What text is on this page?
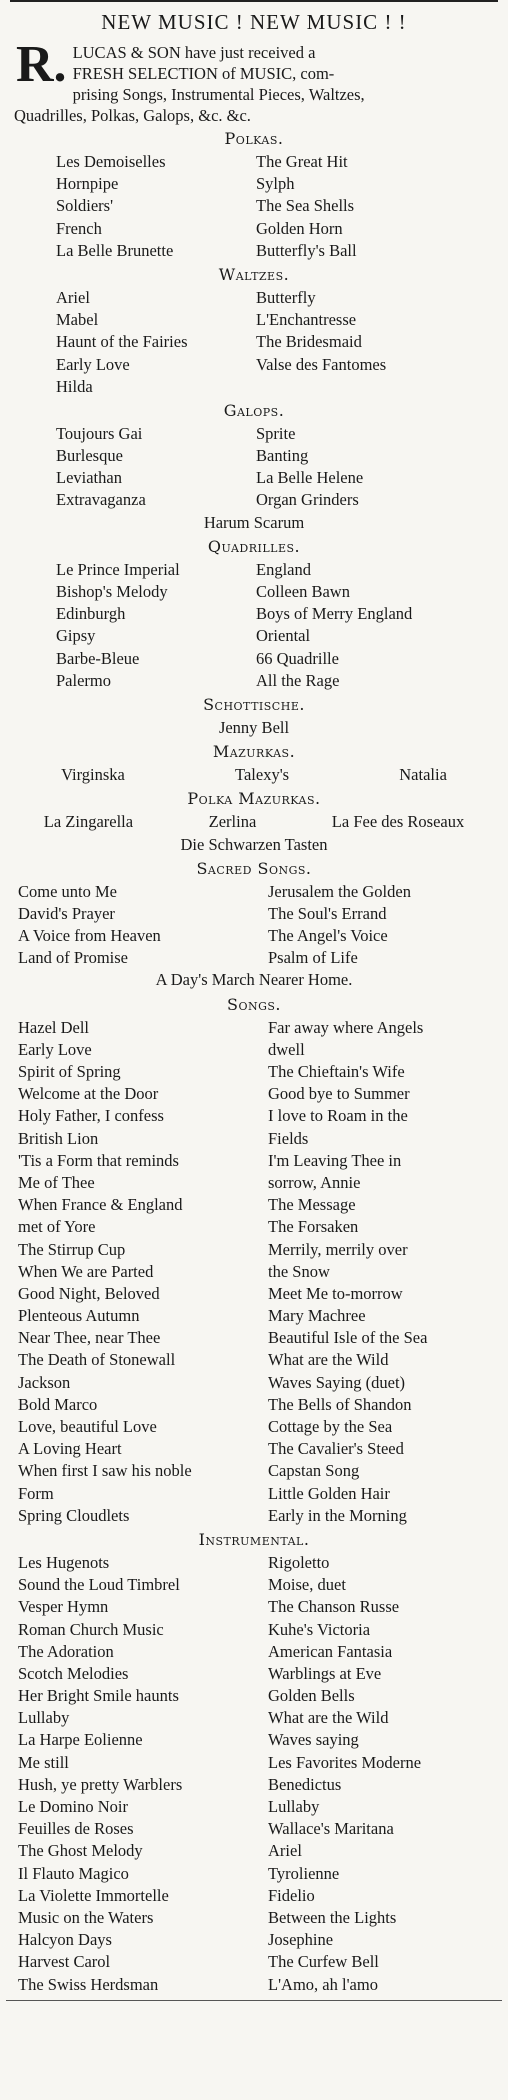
NEW MUSIC ! NEW MUSIC ! !
R. LUCAS & SON have just received a
FRESH SELECTION of MUSIC, com-
prising Songs, Instrumental Pieces, Waltzes,
Quadrilles, Polkas, Galops, &c. &c.
Polkas.
Les Demoiselles	The Great Hit
Hornpipe	Sylph
Soldiers'	The Sea Shells
French	Golden Horn
La Belle Brunette	Butterfly's Ball
Waltzes.
Ariel	Butterfly
Mabel	L'Enchantresse
Haunt of the Fairies	The Bridesmaid
Early Love	Valse des Fantomes
Hilda
Galops.
Toujours Gai	Sprite
Burlesque	Banting
Leviathan	La Belle Helene
Extravaganza	Organ Grinders
Harum Scarum
Quadrilles.
Le Prince Imperial	England
Bishop's Melody	Colleen Bawn
Edinburgh	Boys of Merry England
Gipsy	Oriental
Barbe-Bleue	66 Quadrille
Palermo	All the Rage
Schottische.
Jenny Bell
Mazurkas.
Virginska	Talexy's	Natalia
Polka Mazurkas.
La Zingarella	Zerlina	La Fee des Roseaux
Die Schwarzen Tasten
Sacred Songs.
Come unto Me	Jerusalem the Golden
David's Prayer	The Soul's Errand
A Voice from Heaven	The Angel's Voice
Land of Promise	Psalm of Life
A Day's March Nearer Home.
Songs.
Hazel Dell	Far away where Angels
Early Love	dwell
Spirit of Spring	The Chieftain's Wife
Welcome at the Door	Good bye to Summer
Holy Father, I confess	I love to Roam in the
British Lion	Fields
'Tis a Form that reminds	I'm Leaving Thee in
Me of Thee	sorrow, Annie
When France & England	The Message
met of Yore	The Forsaken
The Stirrup Cup	Merrily, merrily over
When We are Parted	the Snow
Good Night, Beloved	Meet Me to-morrow
Plenteous Autumn	Mary Machree
Near Thee, near Thee	Beautiful Isle of the Sea
The Death of Stonewall	What are the Wild
Jackson	Waves Saying (duet)
Bold Marco	The Bells of Shandon
Love, beautiful Love	Cottage by the Sea
A Loving Heart	The Cavalier's Steed
When first I saw his noble	Capstan Song
Form	Little Golden Hair
Spring Cloudlets	Early in the Morning
Instrumental.
Les Hugenots	Rigoletto
Sound the Loud Timbrel	Moise, duet
Vesper Hymn	The Chanson Russe
Roman Church Music	Kuhe's Victoria
The Adoration	American Fantasia
Scotch Melodies	Warblings at Eve
Her Bright Smile haunts	Golden Bells
Lullaby	What are the Wild
La Harpe Eolienne	Waves saying
Me still	Les Favorites Moderne
Hush, ye pretty Warblers	Benedictus
Le Domino Noir	Lullaby
Feuilles de Roses	Wallace's Maritana
The Ghost Melody	Ariel
Il Flauto Magico	Tyrolienne
La Violette Immortelle	Fidelio
Music on the Waters	Between the Lights
Halcyon Days	Josephine
Harvest Carol	The Curfew Bell
The Swiss Herdsman	L'Amo, ah l'amo
